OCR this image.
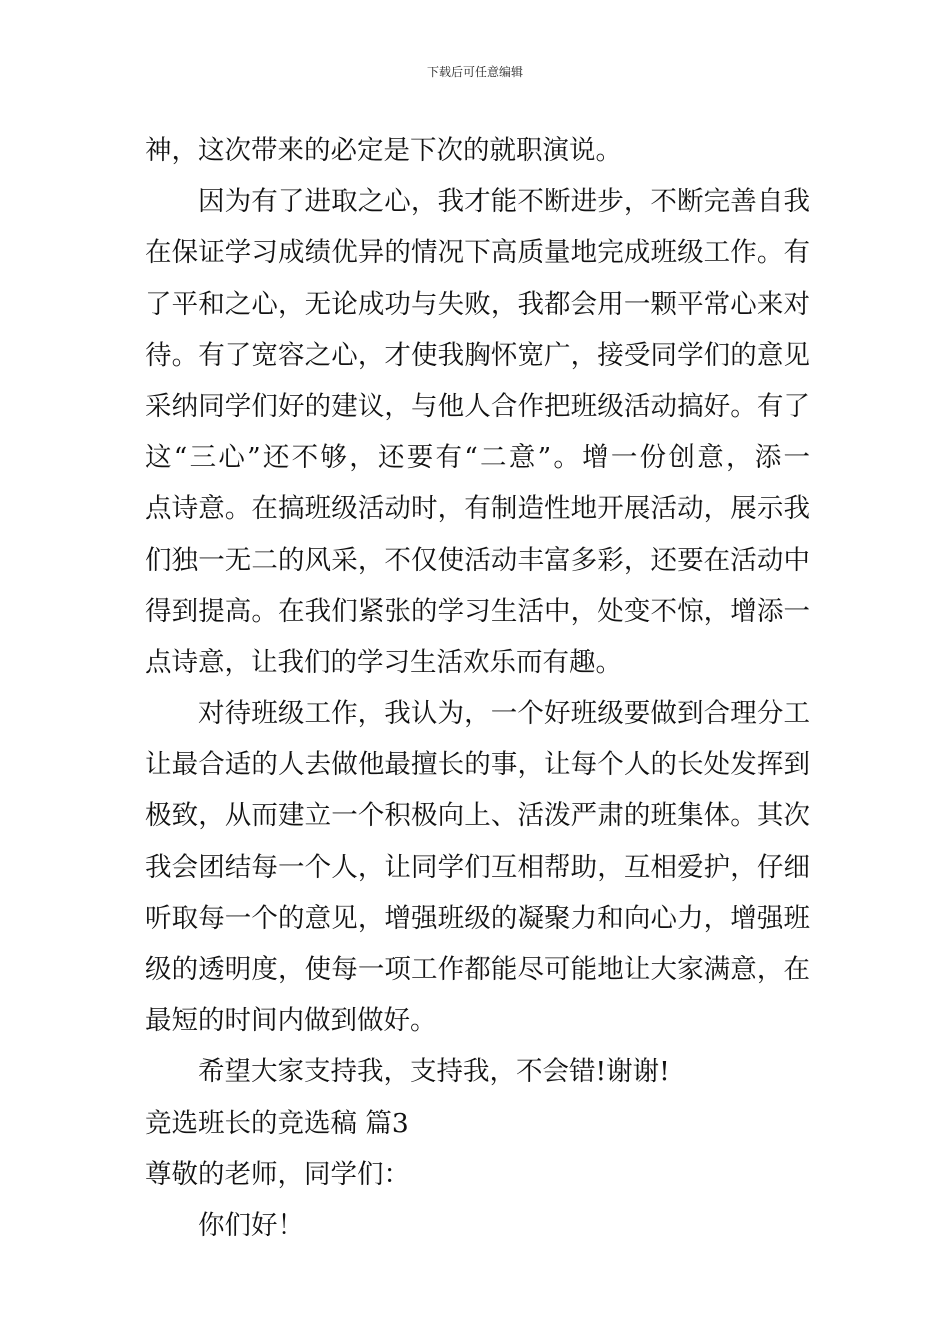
下载后可任意编辑

神，这次带来的必定是下次的就职演说。

因为有了进取之心，我才能不断进步，不断完善自我

在保证学习成绩优异的情况下高质量地完成班级工作。有

了平和之心，无论成功与失败，我都会用一颗平常心来对

待。有了宽容之心，才使我胸怀宽广，接受同学们的意见

采纳同学们好的建议，与他人合作把班级活动搞好。有了

这“三心”还不够，还要有“二意”。增一份创意，添一

点诗意。在搞班级活动时，有制造性地开展活动，展示我

们独一无二的风采，不仅使活动丰富多彩，还要在活动中

得到提高。在我们紧张的学习生活中，处变不惊，增添一

点诗意，让我们的学习生活欢乐而有趣。

对待班级工作，我认为，一个好班级要做到合理分工

让最合适的人去做他最擅长的事，让每个人的长处发挥到

极致，从而建立一个积极向上、活泼严肃的班集体。其次

我会团结每一个人，让同学们互相帮助，互相爱护，仔细

听取每一个的意见，增强班级的凝聚力和向心力，增强班

级的透明度，使每一项工作都能尽可能地让大家满意，在

最短的时间内做到做好。

希望大家支持我，支持我，不会错!谢谢!

竞选班长的竞选稿 篇3

尊敬的老师，同学们：

你们好！
